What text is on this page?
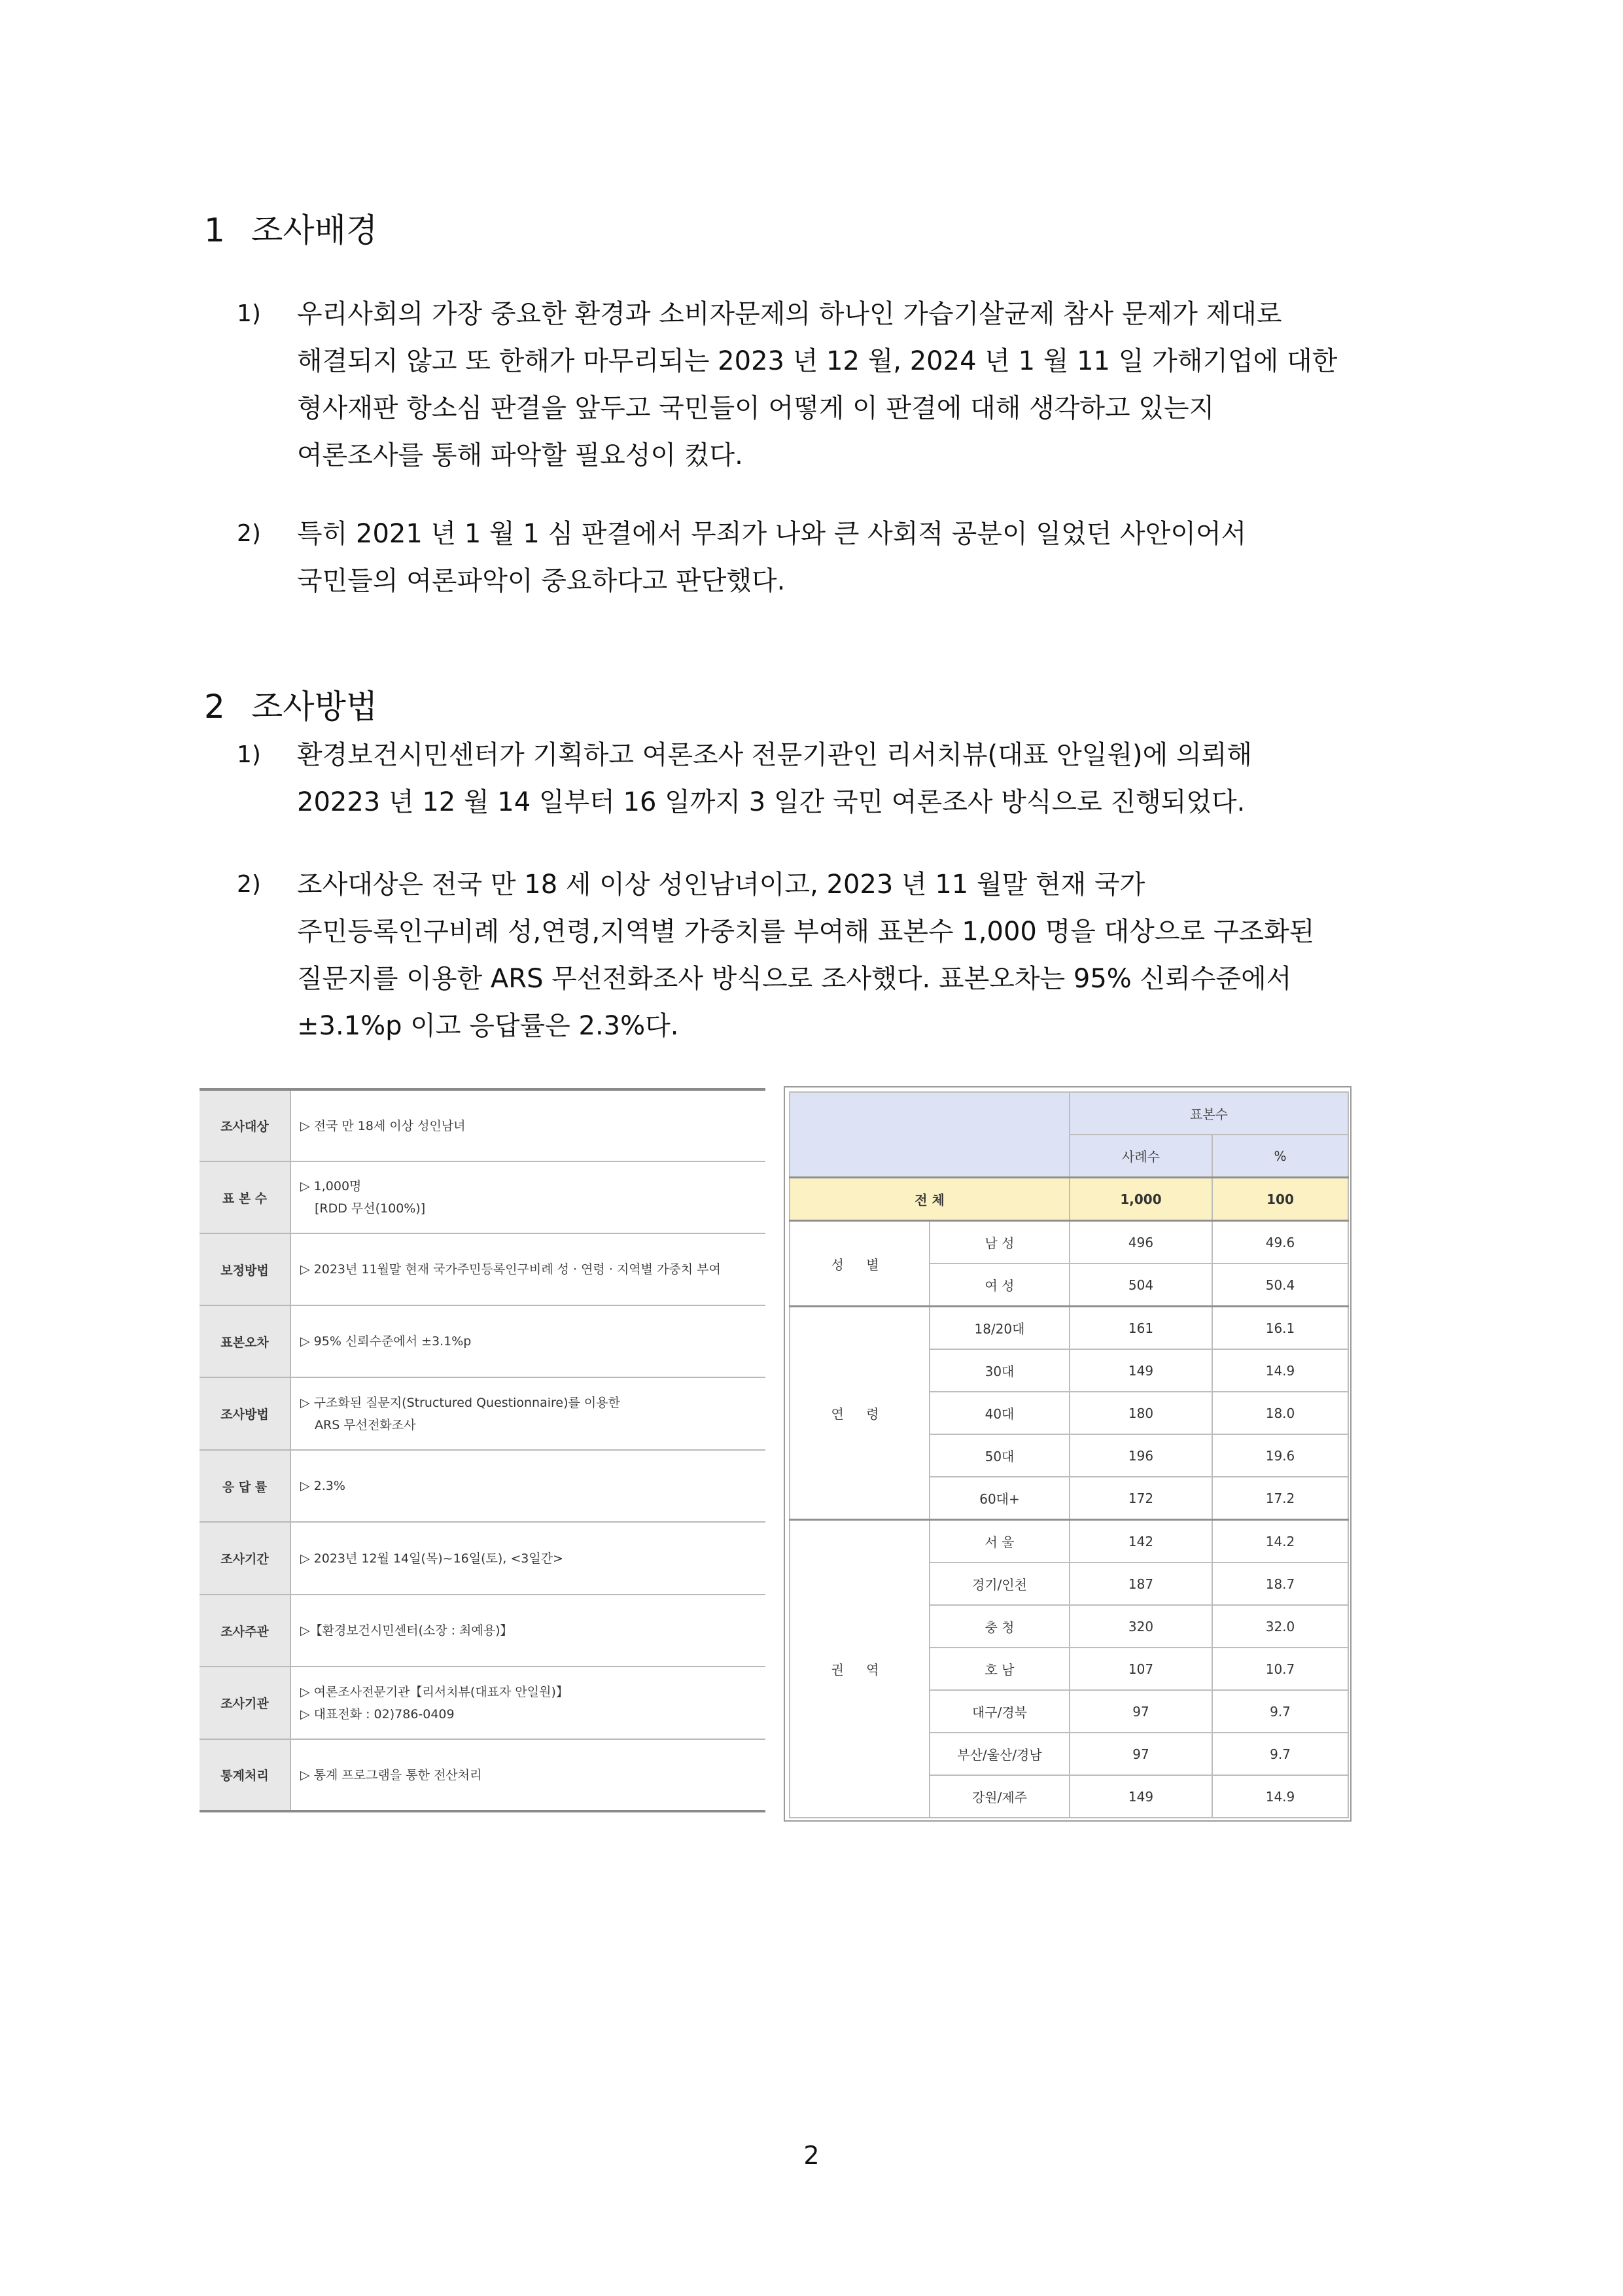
1 조사배경
1) 우리사회의 가장 중요한 환경과 소비자문제의 하나인 가습기살균제 참사 문제가 제대로
해결되지 않고 또 한해가 마무리되는 2023 년 12 월, 2024 년 1 월 11 일 가해기업에 대한
형사재판 항소심 판결을 앞두고 국민들이 어떻게 이 판결에 대해 생각하고 있는지
여론조사를 통해 파악할 필요성이 컸다.
2) 특히 2021 년 1 월 1 심 판결에서 무죄가 나와 큰 사회적 공분이 일었던 사안이어서
국민들의 여론파악이 중요하다고 판단했다.
2 조사방법
1) 환경보건시민센터가 기획하고 여론조사 전문기관인 리서치뷰(대표 안일원)에 의뢰해
20223 년 12 월 14 일부터 16 일까지 3 일간 국민 여론조사 방식으로 진행되었다.
2) 조사대상은 전국 만 18 세 이상 성인남녀이고, 2023 년 11 월말 현재 국가
주민등록인구비례 성,연령,지역별 가중치를 부여해 표본수 1,000 명을 대상으로 구조화된
질문지를 이용한 ARS 무선전화조사 방식으로 조사했다. 표본오차는 95% 신뢰수준에서
±3.1%p 이고 응답률은 2.3%다.
조사대상	▷ 전국 만 18세 이상 성인남녀

표 본 수	▷ 1,000명
[RDD 무선(100%)]

보정방법	▷ 2023년 11월말 현재 국가주민등록인구비례 성 · 연령 · 지역별 가중치 부여

표본오차	▷ 95% 신뢰수준에서 ±3.1%p

조사방법	▷ 구조화된 질문지(Structured Questionnaire)를 이용한
ARS 무선전화조사

응 답 률	▷ 2.3%

조사기간	▷ 2023년 12월 14일(목)~16일(토), <3일간>

조사주관	▷【환경보건시민센터(소장 : 최예용)】

조사기관	▷ 여론조사전문기관【리서치뷰(대표자 안일원)】
▷ 대표전화 : 02)786-0409

통계처리	▷ 통계 프로그램을 통한 전산처리
		표본수	
		사례수	%
전 체		1,000	100
성 별	남 성	496	49.6
	여 성	504	50.4
연 령	18/20대	161	16.1
	30대	149	14.9
	40대	180	18.0
	50대	196	19.6
	60대+	172	17.2
권 역	서 울	142	14.2
	경기/인천	187	18.7
	충 청	320	32.0
	호 남	107	10.7
	대구/경북	97	9.7
	부산/울산/경남	97	9.7
	강원/제주	149	14.9
2
